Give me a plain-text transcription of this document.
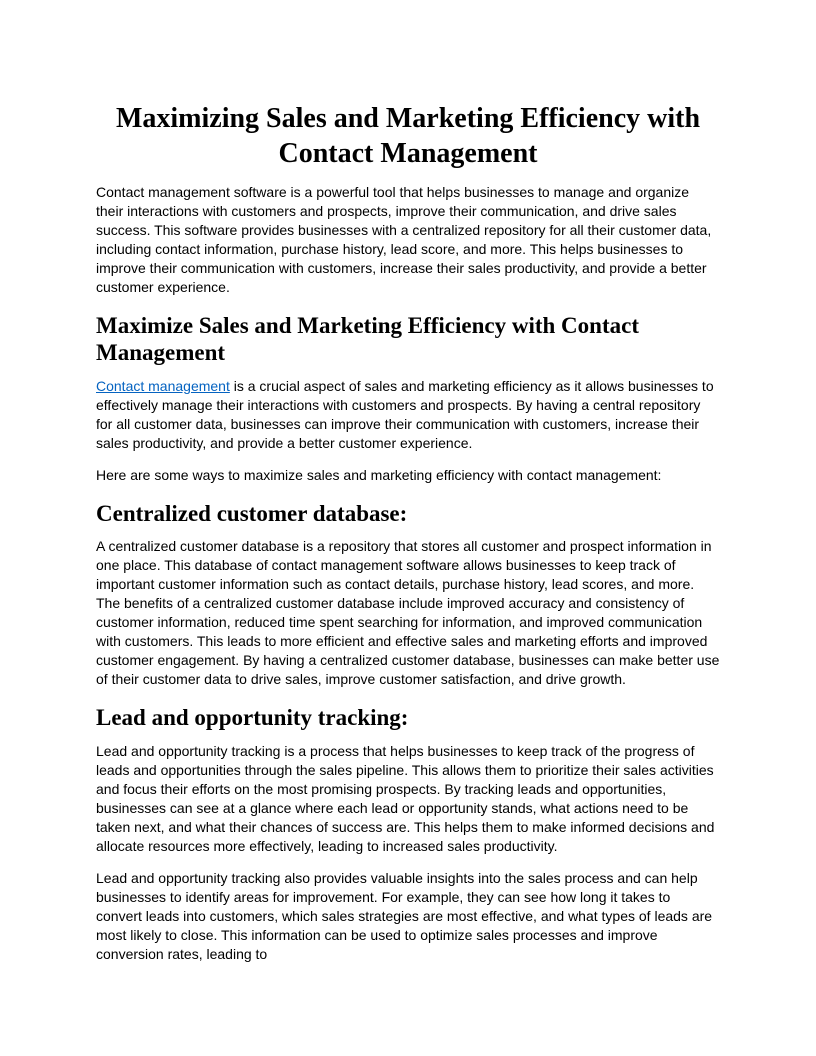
Maximizing Sales and Marketing Efficiency with Contact Management

Contact management software is a powerful tool that helps businesses to manage and organize their interactions with customers and prospects, improve their communication, and drive sales success. This software provides businesses with a centralized repository for all their customer data, including contact information, purchase history, lead score, and more. This helps businesses to improve their communication with customers, increase their sales productivity, and provide a better customer experience.

Maximize Sales and Marketing Efficiency with Contact Management

Contact management is a crucial aspect of sales and marketing efficiency as it allows businesses to effectively manage their interactions with customers and prospects. By having a central repository for all customer data, businesses can improve their communication with customers, increase their sales productivity, and provide a better customer experience.

Here are some ways to maximize sales and marketing efficiency with contact management:

Centralized customer database:

A centralized customer database is a repository that stores all customer and prospect information in one place. This database of contact management software allows businesses to keep track of important customer information such as contact details, purchase history, lead scores, and more. The benefits of a centralized customer database include improved accuracy and consistency of customer information, reduced time spent searching for information, and improved communication with customers. This leads to more efficient and effective sales and marketing efforts and improved customer engagement. By having a centralized customer database, businesses can make better use of their customer data to drive sales, improve customer satisfaction, and drive growth.

Lead and opportunity tracking:

Lead and opportunity tracking is a process that helps businesses to keep track of the progress of leads and opportunities through the sales pipeline. This allows them to prioritize their sales activities and focus their efforts on the most promising prospects. By tracking leads and opportunities, businesses can see at a glance where each lead or opportunity stands, what actions need to be taken next, and what their chances of success are. This helps them to make informed decisions and allocate resources more effectively, leading to increased sales productivity.

Lead and opportunity tracking also provides valuable insights into the sales process and can help businesses to identify areas for improvement. For example, they can see how long it takes to convert leads into customers, which sales strategies are most effective, and what types of leads are most likely to close. This information can be used to optimize sales processes and improve conversion rates, leading to
